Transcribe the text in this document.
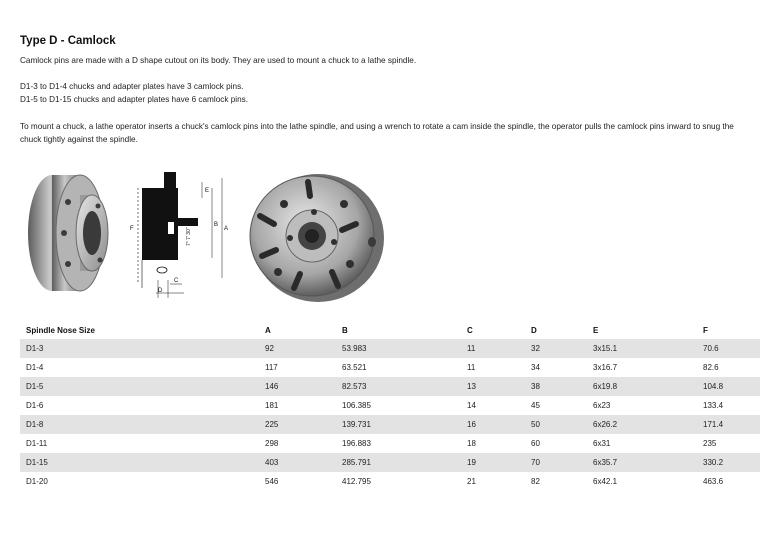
Type D - Camlock

Camlock pins are made with a D shape cutout on its body. They are used to mount a chuck to a lathe spindle.

D1-3 to D1-4 chucks and adapter plates have 3 camlock pins.
D1-5 to D1-15 chucks and adapter plates have 6 camlock pins.

To mount a chuck, a lathe operator inserts a chuck's camlock pins into the lathe spindle, and using a wrench to rotate a cam inside the spindle, the operator pulls the camlock pins inward to snug the chuck tightly against the spindle.

E
B
A
F
C
D
7° 7' 30"
Spindle Nose Size	A	B	C	D	E	F
D1-3	92	53.983	11	32	3x15.1	70.6
D1-4	117	63.521	11	34	3x16.7	82.6
D1-5	146	82.573	13	38	6x19.8	104.8
D1-6	181	106.385	14	45	6x23	133.4
D1-8	225	139.731	16	50	6x26.2	171.4
D1-11	298	196.883	18	60	6x31	235
D1-15	403	285.791	19	70	6x35.7	330.2
D1-20	546	412.795	21	82	6x42.1	463.6
